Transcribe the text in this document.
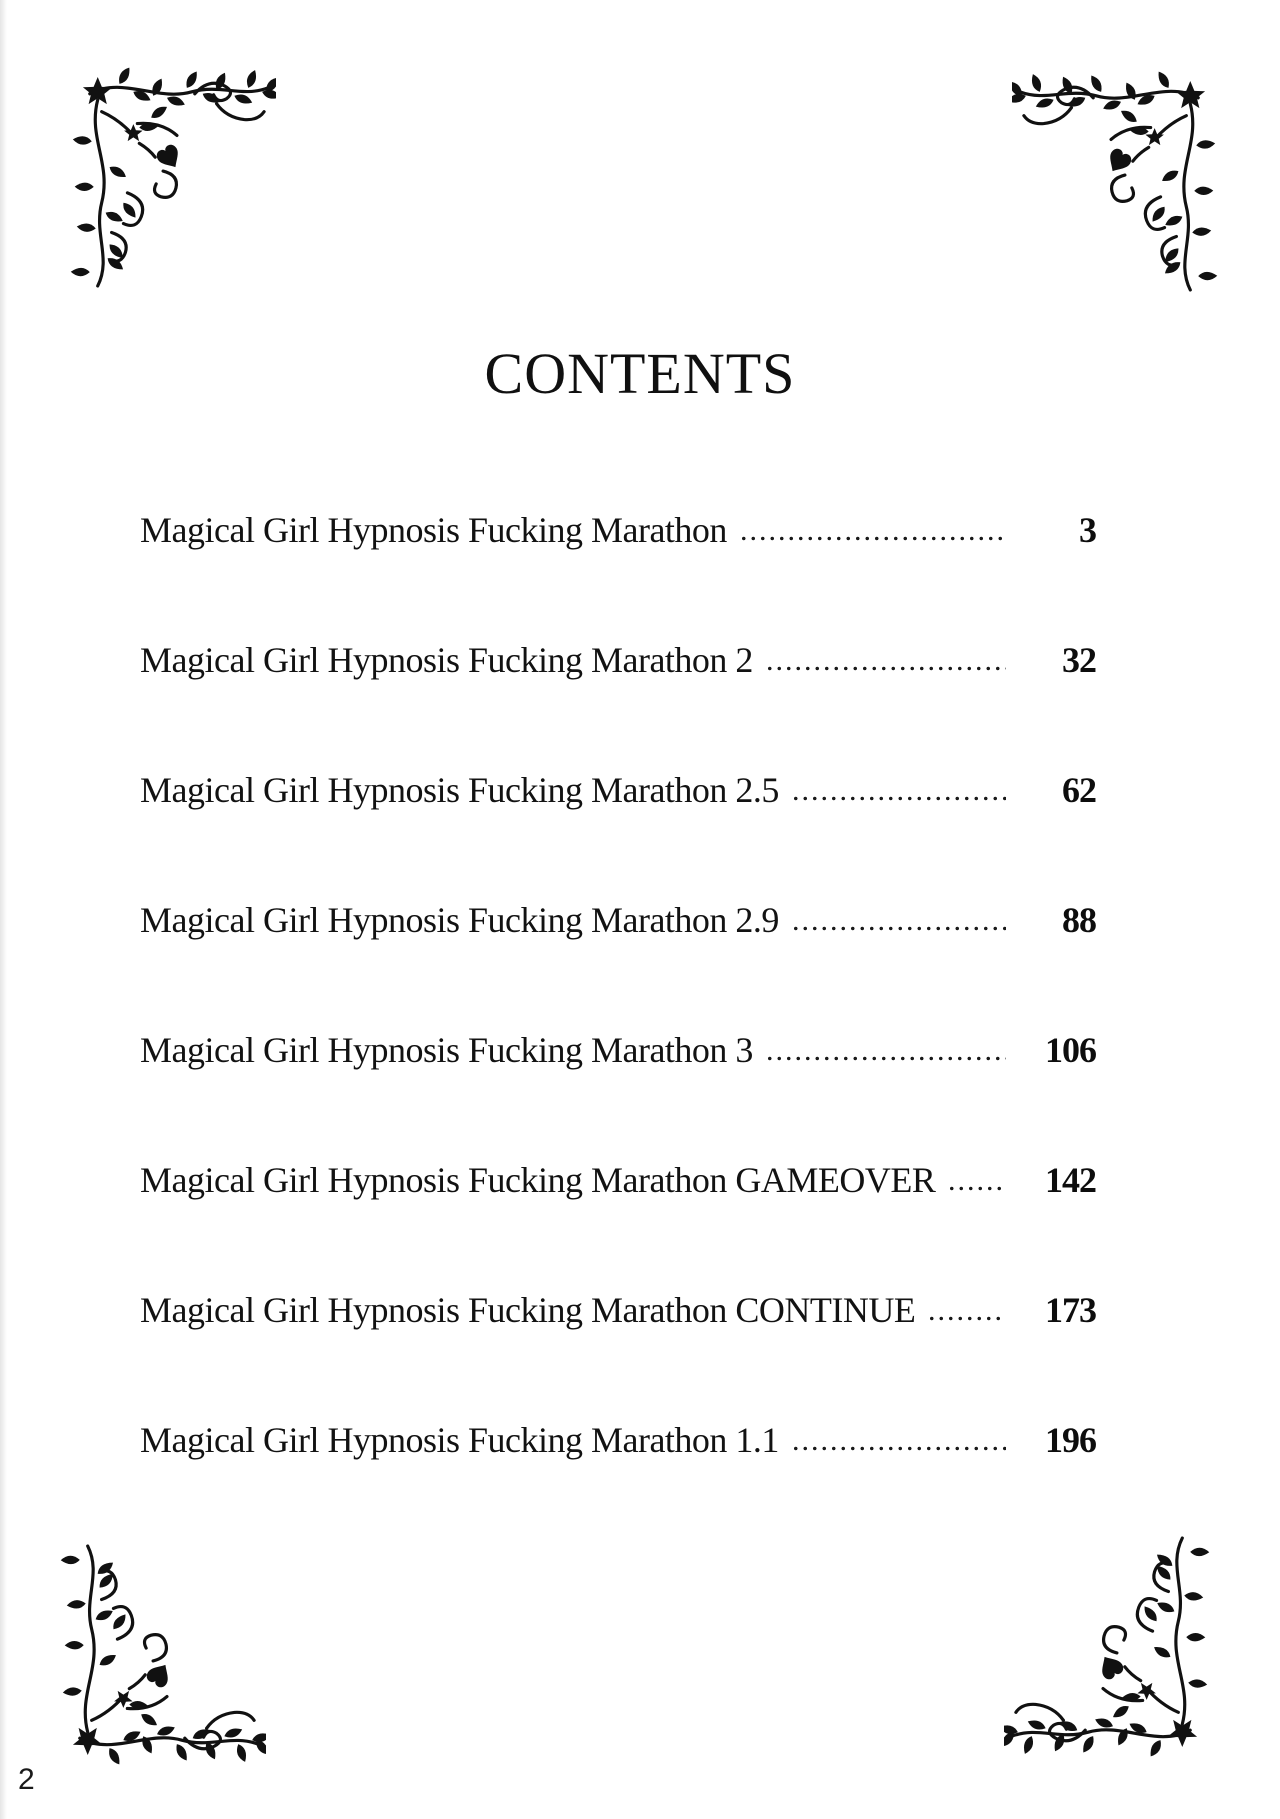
CONTENTS
Magical Girl Hypnosis Fucking Marathon	3
Magical Girl Hypnosis Fucking Marathon 2	32
Magical Girl Hypnosis Fucking Marathon 2.5	62
Magical Girl Hypnosis Fucking Marathon 2.9	88
Magical Girl Hypnosis Fucking Marathon 3	106
Magical Girl Hypnosis Fucking Marathon GAMEOVER	142
Magical Girl Hypnosis Fucking Marathon CONTINUE	173
Magical Girl Hypnosis Fucking Marathon 1.1	196
2
